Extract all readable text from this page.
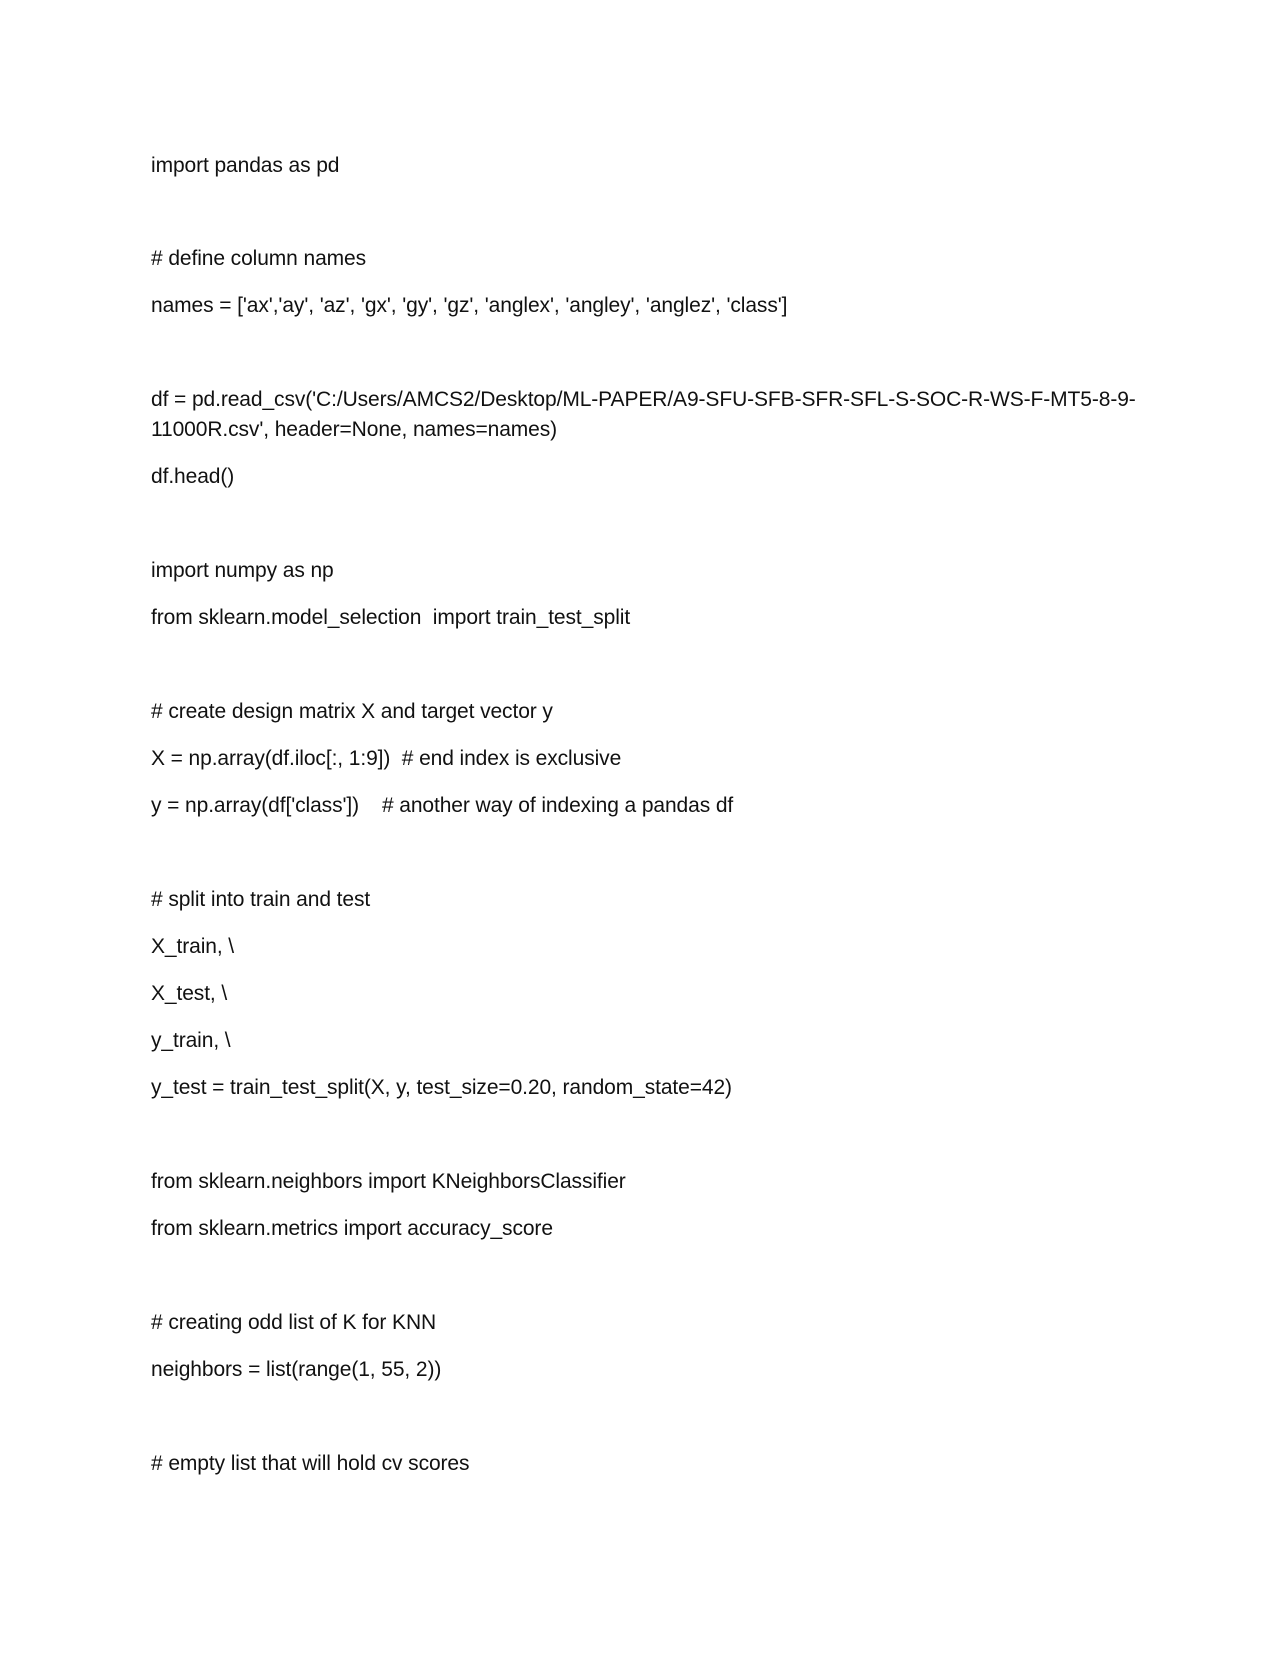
import pandas as pd

# define column names

names = ['ax','ay', 'az', 'gx', 'gy', 'gz', 'anglex', 'angley', 'anglez', 'class']

df = pd.read_csv('C:/Users/AMCS2/Desktop/ML-PAPER/A9-SFU-SFB-SFR-SFL-S-SOC-R-WS-F-MT5-8-9-

11000R.csv', header=None, names=names)

df.head()

import numpy as np

from sklearn.model_selection  import train_test_split

# create design matrix X and target vector y

X = np.array(df.iloc[:, 1:9])  # end index is exclusive

y = np.array(df['class'])    # another way of indexing a pandas df

# split into train and test

X_train, \

X_test, \

y_train, \

y_test = train_test_split(X, y, test_size=0.20, random_state=42)

from sklearn.neighbors import KNeighborsClassifier

from sklearn.metrics import accuracy_score

# creating odd list of K for KNN

neighbors = list(range(1, 55, 2))

# empty list that will hold cv scores
